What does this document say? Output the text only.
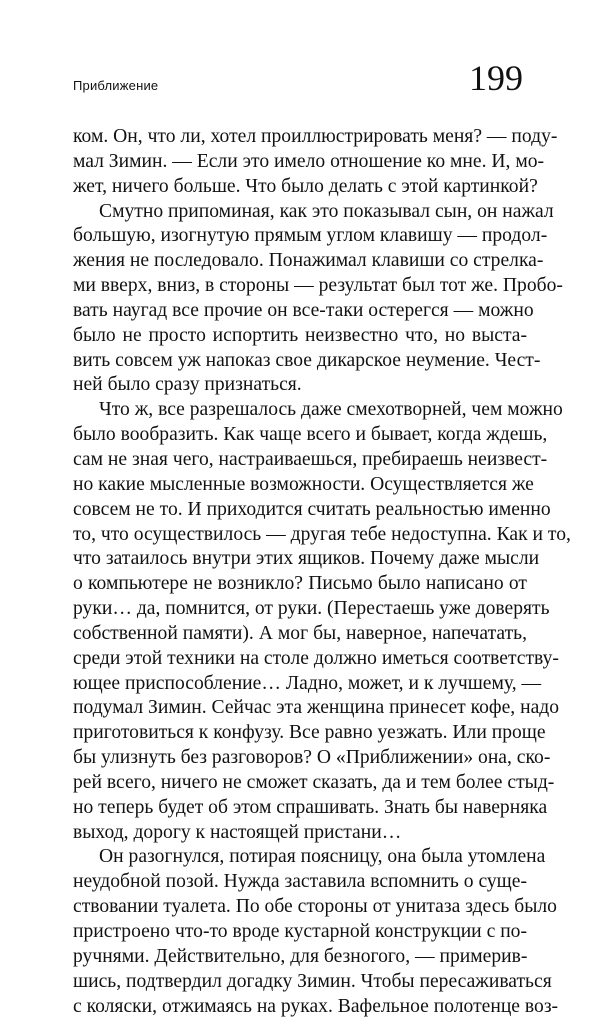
Приближение	199
ком. Он, что ли, хотел проиллюстрировать меня? — поду-
мал Зимин. — Если это имело отношение ко мне. И, мо-
жет, ничего больше. Что было делать с этой картинкой?
Смутно припоминая, как это показывал сын, он нажал
большую, изогнутую прямым углом клавишу — продол-
жения не последовало. Понажимал клавиши со стрелка-
ми вверх, вниз, в стороны — результат был тот же. Пробо-
вать наугад все прочие он все-таки остерегся — можно
было не просто испортить неизвестно что, но выста-
вить совсем уж напоказ свое дикарское неумение. Чест-
ней было сразу признаться.
Что ж, все разрешалось даже смехотворней, чем можно
было вообразить. Как чаще всего и бывает, когда ждешь,
сам не зная чего, настраиваешься, пребираешь неизвест-
но какие мысленные возможности. Осуществляется же
совсем не то. И приходится считать реальностью именно
то, что осуществилось — другая тебе недоступна. Как и то,
что затаилось внутри этих ящиков. Почему даже мысли
о компьютере не возникло? Письмо было написано от
руки… да, помнится, от руки. (Перестаешь уже доверять
собственной памяти). А мог бы, наверное, напечатать,
среди этой техники на столе должно иметься соответству-
ющее приспособление… Ладно, может, и к лучшему, —
подумал Зимин. Сейчас эта женщина принесет кофе, надо
приготовиться к конфузу. Все равно уезжать. Или проще
бы улизнуть без разговоров? О «Приближении» она, ско-
рей всего, ничего не сможет сказать, да и тем более стыд-
но теперь будет об этом спрашивать. Знать бы наверняка
выход, дорогу к настоящей пристани…
Он разогнулся, потирая поясницу, она была утомлена
неудобной позой. Нужда заставила вспомнить о суще-
ствовании туалета. По обе стороны от унитаза здесь было
пристроено что-то вроде кустарной конструкции с по-
ручнями. Действительно, для безногого, — примерив-
шись, подтвердил догадку Зимин. Чтобы пересаживаться
с коляски, отжимаясь на руках. Вафельное полотенце воз-
